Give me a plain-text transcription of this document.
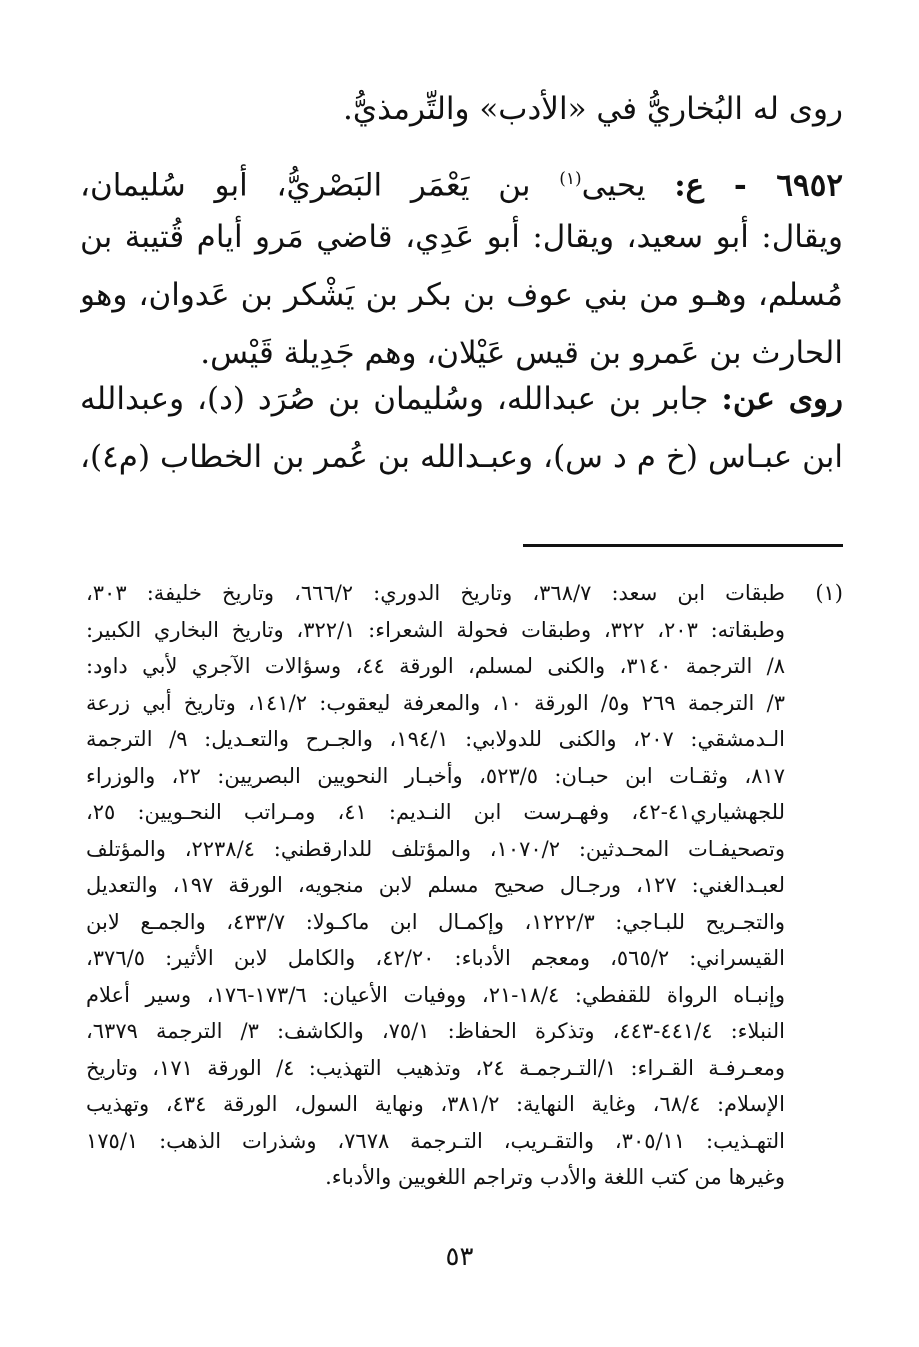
روى له البُخاريُّ في «الأدب» والتِّرمذيُّ.
٦٩٥٢ - ع: يحيى$^{(١)}$ بن يَعْمَر البَصْريُّ، أبو سُليمان،
ويقال: أبو سعيد، ويقال: أبو عَدِي، قاضي مَرو أيام قُتيبة بن
مُسلم، وهـو من بني عوف بن بكر بن يَشْكر بن عَدوان، وهو
الحارث بن عَمرو بن قيس عَيْلان، وهم جَدِيلة قَيْس.
روى عن: جابر بن عبدالله، وسُليمان بن صُرَد (د)، وعبدالله
ابن عبـاس (خ م د س)، وعبـدالله بن عُمر بن الخطاب (م٤)،
(١)
طبقات ابن سعد: ٣٦٨/٧، وتاريخ الدوري: ٦٦٦/٢، وتاريخ خليفة: ٣٠٣،
وطبقاته: ٢٠٣، ٣٢٢، وطبقات فحولة الشعراء: ٣٢٢/١، وتاريخ البخاري الكبير:
٨/ الترجمة ٣١٤٠، والكنى لمسلم، الورقة ٤٤، وسؤالات الآجري لأبي داود:
٣/ الترجمة ٢٦٩ و٥/ الورقة ١٠، والمعرفة ليعقوب: ١٤١/٢، وتاريخ أبي زرعة
الـدمشقي: ٢٠٧، والكنى للدولابي: ١٩٤/١، والجـرح والتعـديل: ٩/ الترجمة
٨١٧، وثقـات ابن حبـان: ٥٢٣/٥، وأخبـار النحويين البصريين: ٢٢، والوزراء
للجهشياري٤١-٤٢، وفهـرست ابن النـديم: ٤١، ومـراتب النحـويين: ٢٥،
وتصحيفـات المحـدثين: ١٠٧٠/٢، والمؤتلف للدارقطني: ٢٢٣٨/٤، والمؤتلف
لعبـدالغني: ١٢٧، ورجـال صحيح مسلم لابن منجويه، الورقة ١٩٧، والتعديل
والتجـريح للبـاجي: ١٢٢٢/٣، وإكمـال ابن ماكـولا: ٤٣٣/٧، والجمـع لابن
القيسراني: ٥٦٥/٢، ومعجم الأدباء: ٤٢/٢٠، والكامل لابن الأثير: ٣٧٦/٥،
وإنبـاه الرواة للقفطي: ١٨/٤-٢١، ووفيات الأعيان: ١٧٣/٦-١٧٦، وسير أعلام
النبلاء: ٤٤١/٤-٤٤٣، وتذكرة الحفاظ: ٧٥/١، والكاشف: ٣/ الترجمة ٦٣٧٩،
ومعـرفـة القـراء: ١/التـرجمـة ٢٤، وتذهيب التهذيب: ٤/ الورقة ١٧١، وتاريخ
الإسلام: ٦٨/٤، وغاية النهاية: ٣٨١/٢، ونهاية السول، الورقة ٤٣٤، وتهذيب
التهـذيب: ٣٠٥/١١، والتقـريب، التـرجمة ٧٦٧٨، وشذرات الذهب: ١٧٥/١
وغيرها من كتب اللغة والأدب وتراجم اللغويين والأدباء.
٥٣
